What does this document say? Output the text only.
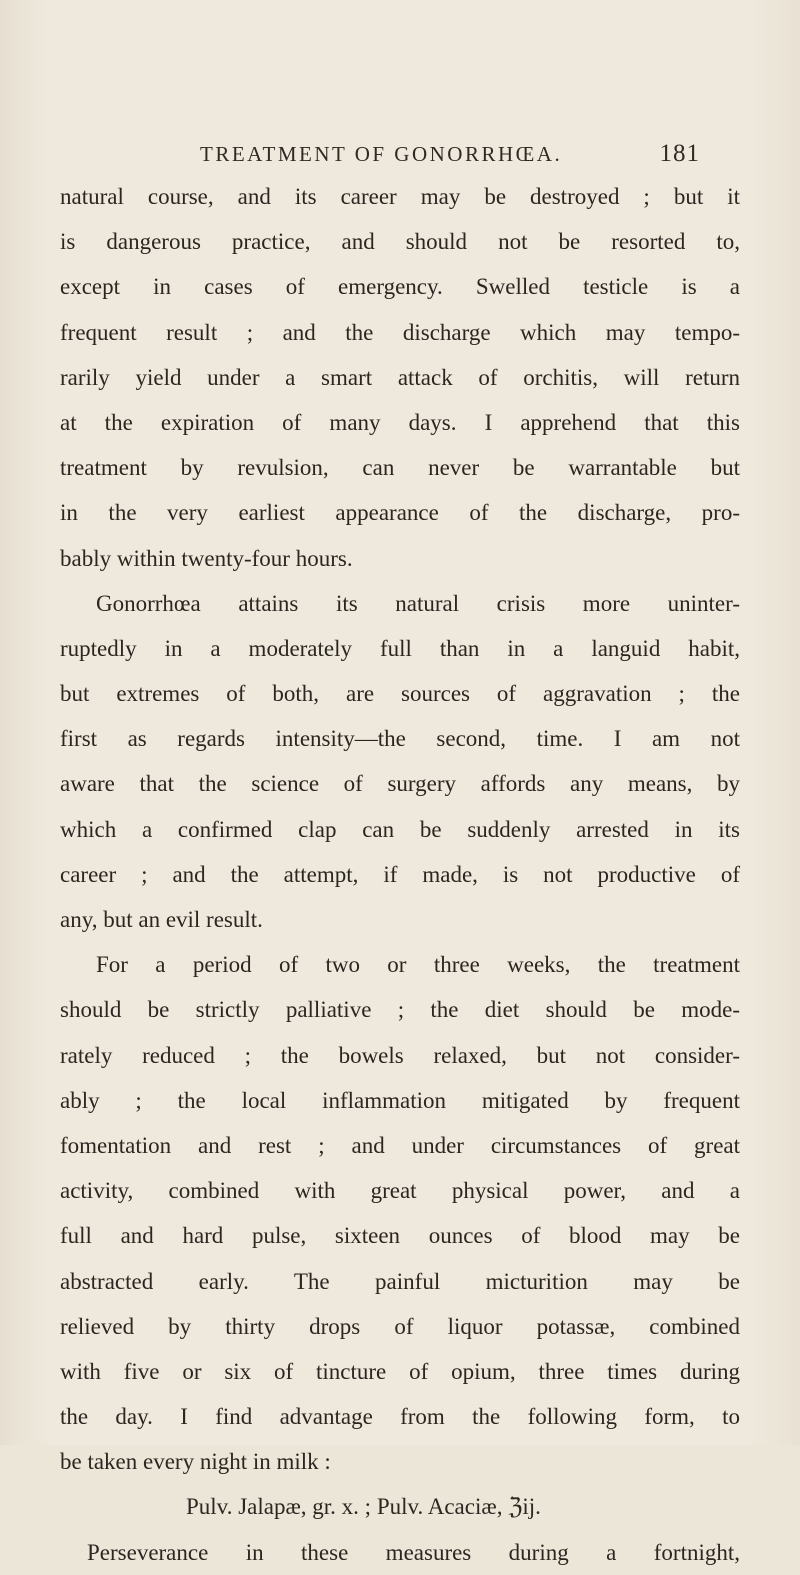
TREATMENT OF GONORRHŒA.	181
natural course, and its career may be destroyed ; but it
is dangerous practice, and should not be resorted to,
except in cases of emergency. Swelled testicle is a
frequent result ; and the discharge which may tempo-
rarily yield under a smart attack of orchitis, will return
at the expiration of many days. I apprehend that this
treatment by revulsion, can never be warrantable but
in the very earliest appearance of the discharge, pro-
bably within twenty-four hours.
Gonorrhœa attains its natural crisis more uninter-
ruptedly in a moderately full than in a languid habit,
but extremes of both, are sources of aggravation ; the
first as regards intensity—the second, time. I am not
aware that the science of surgery affords any means, by
which a confirmed clap can be suddenly arrested in its
career ; and the attempt, if made, is not productive of
any, but an evil result.
For a period of two or three weeks, the treatment
should be strictly palliative ; the diet should be mode-
rately reduced ; the bowels relaxed, but not consider-
ably ; the local inflammation mitigated by frequent
fomentation and rest ; and under circumstances of great
activity, combined with great physical power, and a
full and hard pulse, sixteen ounces of blood may be
abstracted early. The painful micturition may be
relieved by thirty drops of liquor potassæ, combined
with five or six of tincture of opium, three times during
the day. I find advantage from the following form, to
be taken every night in milk :
Pulv. Jalapæ, gr. x. ; Pulv. Acaciæ, ℨij.
Perseverance in these measures during a fortnight,
